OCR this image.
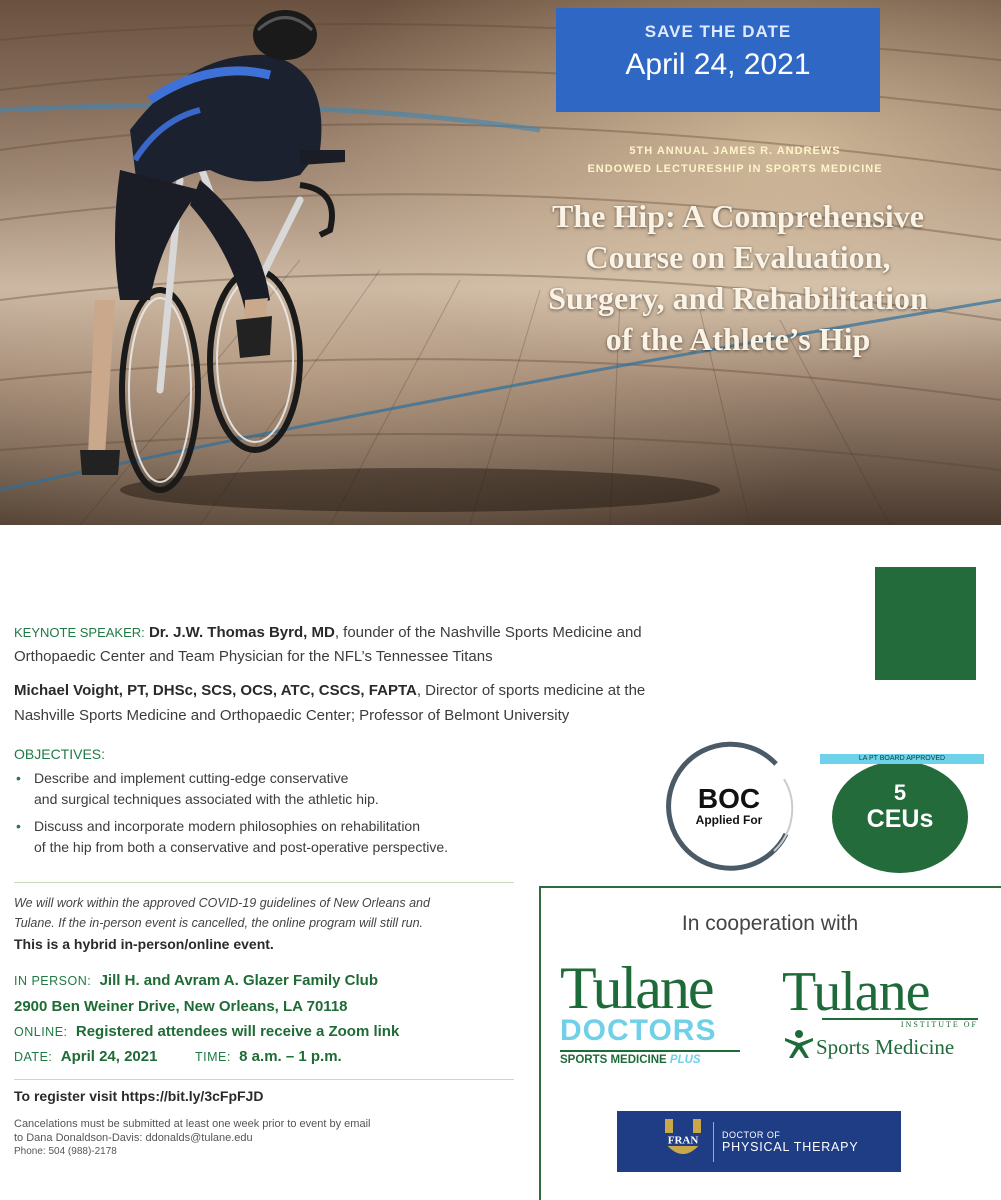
SAVE THE DATE
April 24, 2021
5TH ANNUAL JAMES R. ANDREWS
ENDOWED LECTURESHIP IN SPORTS MEDICINE
The Hip: A Comprehensive
Course on Evaluation,
Surgery, and Rehabilitation
of the Athlete’s Hip
KEYNOTE SPEAKER: Dr. J.W. Thomas Byrd, MD, founder of the Nashville Sports Medicine and
Orthopaedic Center and Team Physician for the NFL’s Tennessee Titans
Michael Voight, PT, DHSc, SCS, OCS, ATC, CSCS, FAPTA, Director of sports medicine at the
Nashville Sports Medicine and Orthopaedic Center; Professor of Belmont University
OBJECTIVES:
• Describe and implement cutting-edge conservative
and surgical techniques associated with the athletic hip.
• Discuss and incorporate modern philosophies on rehabilitation
of the hip from both a conservative and post-operative perspective.
We will work within the approved COVID-19 guidelines of New Orleans and
Tulane. If the in-person event is cancelled, the online program will still run.
This is a hybrid in-person/online event.
IN PERSON: Jill H. and Avram A. Glazer Family Club
2900 Ben Weiner Drive, New Orleans, LA 70118
ONLINE: Registered attendees will receive a Zoom link
DATE: April 24, 2021	TIME: 8 a.m. – 1 p.m.
To register visit https://bit.ly/3cFpFJD
Cancelations must be submitted at least one week prior to event by email
to Dana Donaldson-Davis: ddonalds@tulane.edu
Phone: 504 (988)-2178
BOC
Applied For
5
CEUs
LA PT BOARD APPROVED
In cooperation with
Tulane
DOCTORS
SPORTS MEDICINE PLUS
Tulane
INSTITUTE OF
Sports Medicine
FRAN	DOCTOR OF
PHYSICAL THERAPY
